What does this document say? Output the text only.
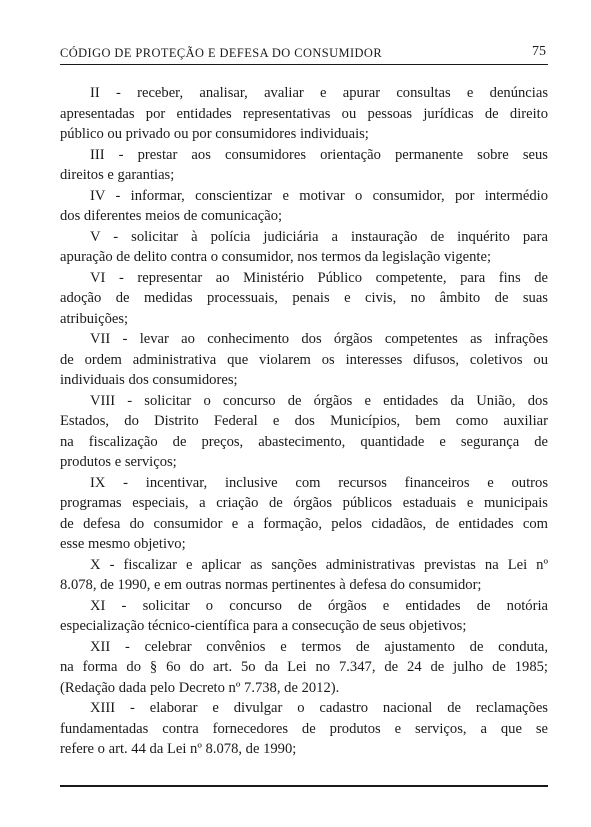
CÓDIGO DE PROTEÇÃO E DEFESA DO CONSUMIDOR	75
II - receber, analisar, avaliar e apurar consultas e denúncias
apresentadas por entidades representativas ou pessoas jurídicas de direito
público ou privado ou por consumidores individuais;
III - prestar aos consumidores orientação permanente sobre seus
direitos e garantias;
IV - informar, conscientizar e motivar o consumidor, por intermédio
dos diferentes meios de comunicação;
V - solicitar à polícia judiciária a instauração de inquérito para
apuração de delito contra o consumidor, nos termos da legislação vigente;
VI - representar ao Ministério Público competente, para fins de
adoção de medidas processuais, penais e civis, no âmbito de suas
atribuições;
VII - levar ao conhecimento dos órgãos competentes as infrações
de ordem administrativa que violarem os interesses difusos, coletivos ou
individuais dos consumidores;
VIII - solicitar o concurso de órgãos e entidades da União, dos
Estados, do Distrito Federal e dos Municípios, bem como auxiliar
na fiscalização de preços, abastecimento, quantidade e segurança de
produtos e serviços;
IX - incentivar, inclusive com recursos financeiros e outros
programas especiais, a criação de órgãos públicos estaduais e municipais
de defesa do consumidor e a formação, pelos cidadãos, de entidades com
esse mesmo objetivo;
X - fiscalizar e aplicar as sanções administrativas previstas na Lei nº
8.078, de 1990, e em outras normas pertinentes à defesa do consumidor;
XI - solicitar o concurso de órgãos e entidades de notória
especialização técnico-científica para a consecução de seus objetivos;
XII - celebrar convênios e termos de ajustamento de conduta,
na forma do § 6o do art. 5o da Lei no 7.347, de 24 de julho de 1985;
(Redação dada pelo Decreto nº 7.738, de 2012).
XIII - elaborar e divulgar o cadastro nacional de reclamações
fundamentadas contra fornecedores de produtos e serviços, a que se
refere o art. 44 da Lei nº 8.078, de 1990;
